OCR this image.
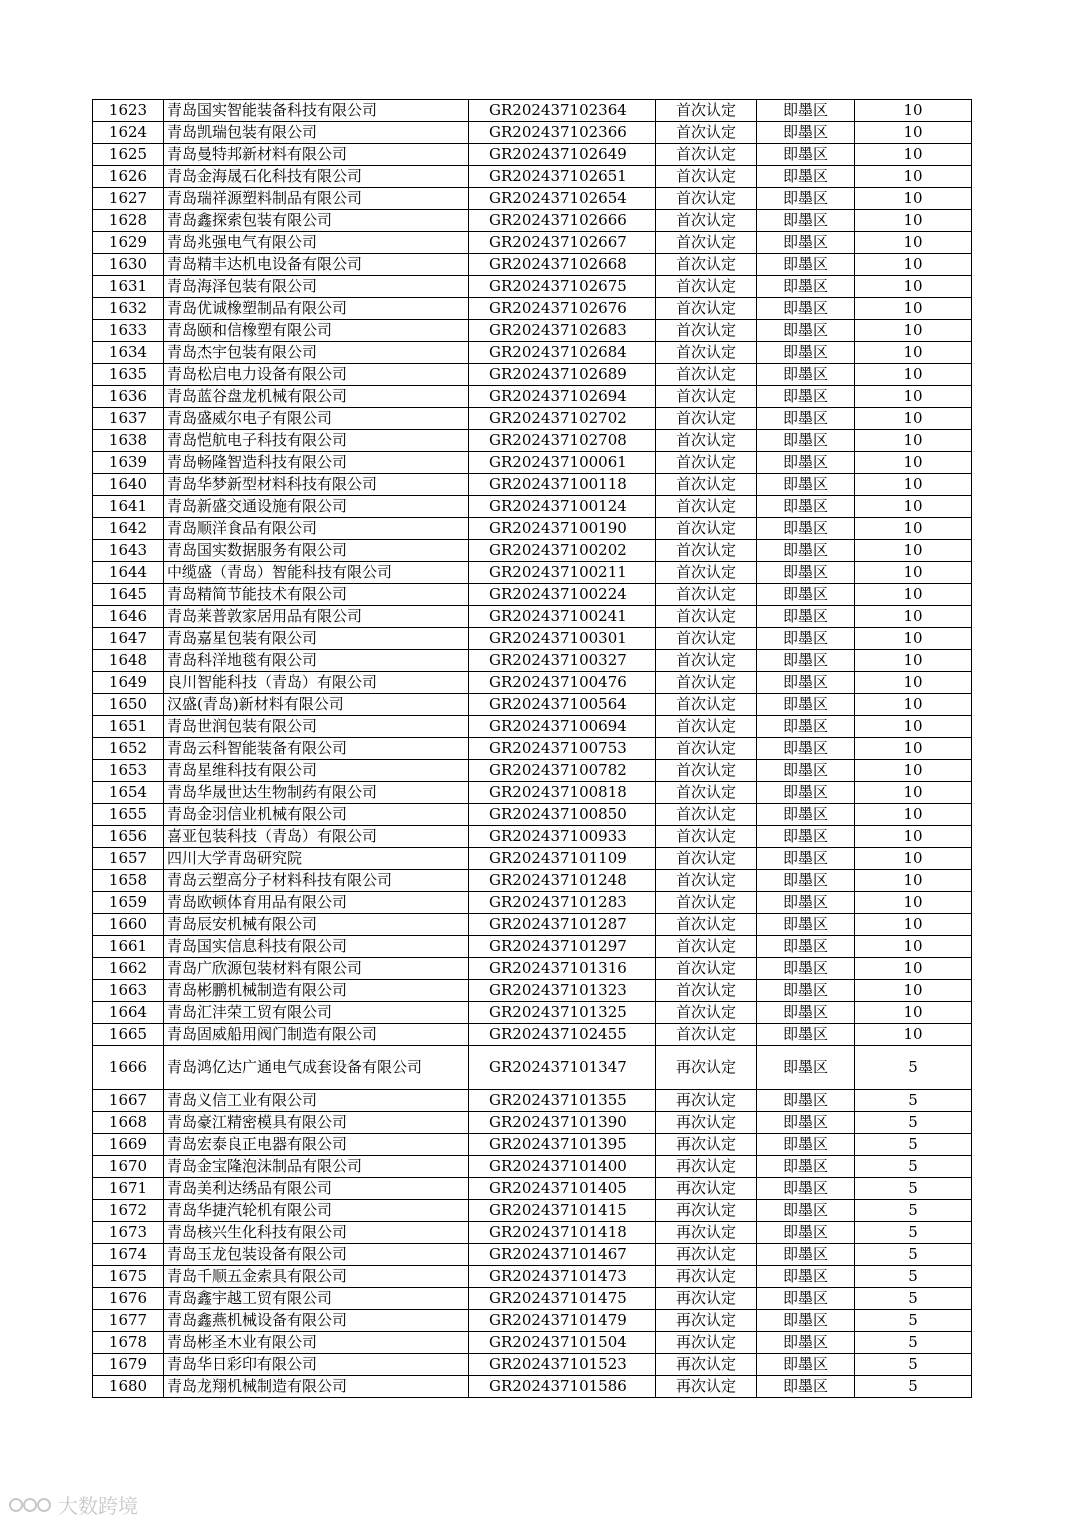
1623	青岛国实智能装备科技有限公司	GR202437102364	首次认定	即墨区	10
1624	青岛凯瑞包装有限公司	GR202437102366	首次认定	即墨区	10
1625	青岛曼特邦新材料有限公司	GR202437102649	首次认定	即墨区	10
1626	青岛金海晟石化科技有限公司	GR202437102651	首次认定	即墨区	10
1627	青岛瑞祥源塑料制品有限公司	GR202437102654	首次认定	即墨区	10
1628	青岛鑫探索包装有限公司	GR202437102666	首次认定	即墨区	10
1629	青岛兆强电气有限公司	GR202437102667	首次认定	即墨区	10
1630	青岛精丰达机电设备有限公司	GR202437102668	首次认定	即墨区	10
1631	青岛海泽包装有限公司	GR202437102675	首次认定	即墨区	10
1632	青岛优诚橡塑制品有限公司	GR202437102676	首次认定	即墨区	10
1633	青岛颐和信橡塑有限公司	GR202437102683	首次认定	即墨区	10
1634	青岛杰宇包装有限公司	GR202437102684	首次认定	即墨区	10
1635	青岛松启电力设备有限公司	GR202437102689	首次认定	即墨区	10
1636	青岛蓝谷盘龙机械有限公司	GR202437102694	首次认定	即墨区	10
1637	青岛盛威尔电子有限公司	GR202437102702	首次认定	即墨区	10
1638	青岛恺航电子科技有限公司	GR202437102708	首次认定	即墨区	10
1639	青岛畅隆智造科技有限公司	GR202437100061	首次认定	即墨区	10
1640	青岛华梦新型材料科技有限公司	GR202437100118	首次认定	即墨区	10
1641	青岛新盛交通设施有限公司	GR202437100124	首次认定	即墨区	10
1642	青岛顺洋食品有限公司	GR202437100190	首次认定	即墨区	10
1643	青岛国实数据服务有限公司	GR202437100202	首次认定	即墨区	10
1644	中缆盛（青岛）智能科技有限公司	GR202437100211	首次认定	即墨区	10
1645	青岛精简节能技术有限公司	GR202437100224	首次认定	即墨区	10
1646	青岛莱普敦家居用品有限公司	GR202437100241	首次认定	即墨区	10
1647	青岛嘉星包装有限公司	GR202437100301	首次认定	即墨区	10
1648	青岛科洋地毯有限公司	GR202437100327	首次认定	即墨区	10
1649	良川智能科技（青岛）有限公司	GR202437100476	首次认定	即墨区	10
1650	汉盛(青岛)新材料有限公司	GR202437100564	首次认定	即墨区	10
1651	青岛世润包装有限公司	GR202437100694	首次认定	即墨区	10
1652	青岛云科智能装备有限公司	GR202437100753	首次认定	即墨区	10
1653	青岛星维科技有限公司	GR202437100782	首次认定	即墨区	10
1654	青岛华晟世达生物制药有限公司	GR202437100818	首次认定	即墨区	10
1655	青岛金羽信业机械有限公司	GR202437100850	首次认定	即墨区	10
1656	喜亚包装科技（青岛）有限公司	GR202437100933	首次认定	即墨区	10
1657	四川大学青岛研究院	GR202437101109	首次认定	即墨区	10
1658	青岛云塑高分子材料科技有限公司	GR202437101248	首次认定	即墨区	10
1659	青岛欧顿体育用品有限公司	GR202437101283	首次认定	即墨区	10
1660	青岛辰安机械有限公司	GR202437101287	首次认定	即墨区	10
1661	青岛国实信息科技有限公司	GR202437101297	首次认定	即墨区	10
1662	青岛广欣源包装材料有限公司	GR202437101316	首次认定	即墨区	10
1663	青岛彬鹏机械制造有限公司	GR202437101323	首次认定	即墨区	10
1664	青岛汇沣荣工贸有限公司	GR202437101325	首次认定	即墨区	10
1665	青岛固威船用阀门制造有限公司	GR202437102455	首次认定	即墨区	10
1666	青岛鸿亿达广通电气成套设备有限公司	GR202437101347	再次认定	即墨区	5
1667	青岛义信工业有限公司	GR202437101355	再次认定	即墨区	5
1668	青岛豪江精密模具有限公司	GR202437101390	再次认定	即墨区	5
1669	青岛宏泰良正电器有限公司	GR202437101395	再次认定	即墨区	5
1670	青岛金宝隆泡沫制品有限公司	GR202437101400	再次认定	即墨区	5
1671	青岛美利达绣品有限公司	GR202437101405	再次认定	即墨区	5
1672	青岛华捷汽轮机有限公司	GR202437101415	再次认定	即墨区	5
1673	青岛核兴生化科技有限公司	GR202437101418	再次认定	即墨区	5
1674	青岛玉龙包装设备有限公司	GR202437101467	再次认定	即墨区	5
1675	青岛千顺五金索具有限公司	GR202437101473	再次认定	即墨区	5
1676	青岛鑫宇越工贸有限公司	GR202437101475	再次认定	即墨区	5
1677	青岛鑫燕机械设备有限公司	GR202437101479	再次认定	即墨区	5
1678	青岛彬圣木业有限公司	GR202437101504	再次认定	即墨区	5
1679	青岛华日彩印有限公司	GR202437101523	再次认定	即墨区	5
1680	青岛龙翔机械制造有限公司	GR202437101586	再次认定	即墨区	5
大数跨境
